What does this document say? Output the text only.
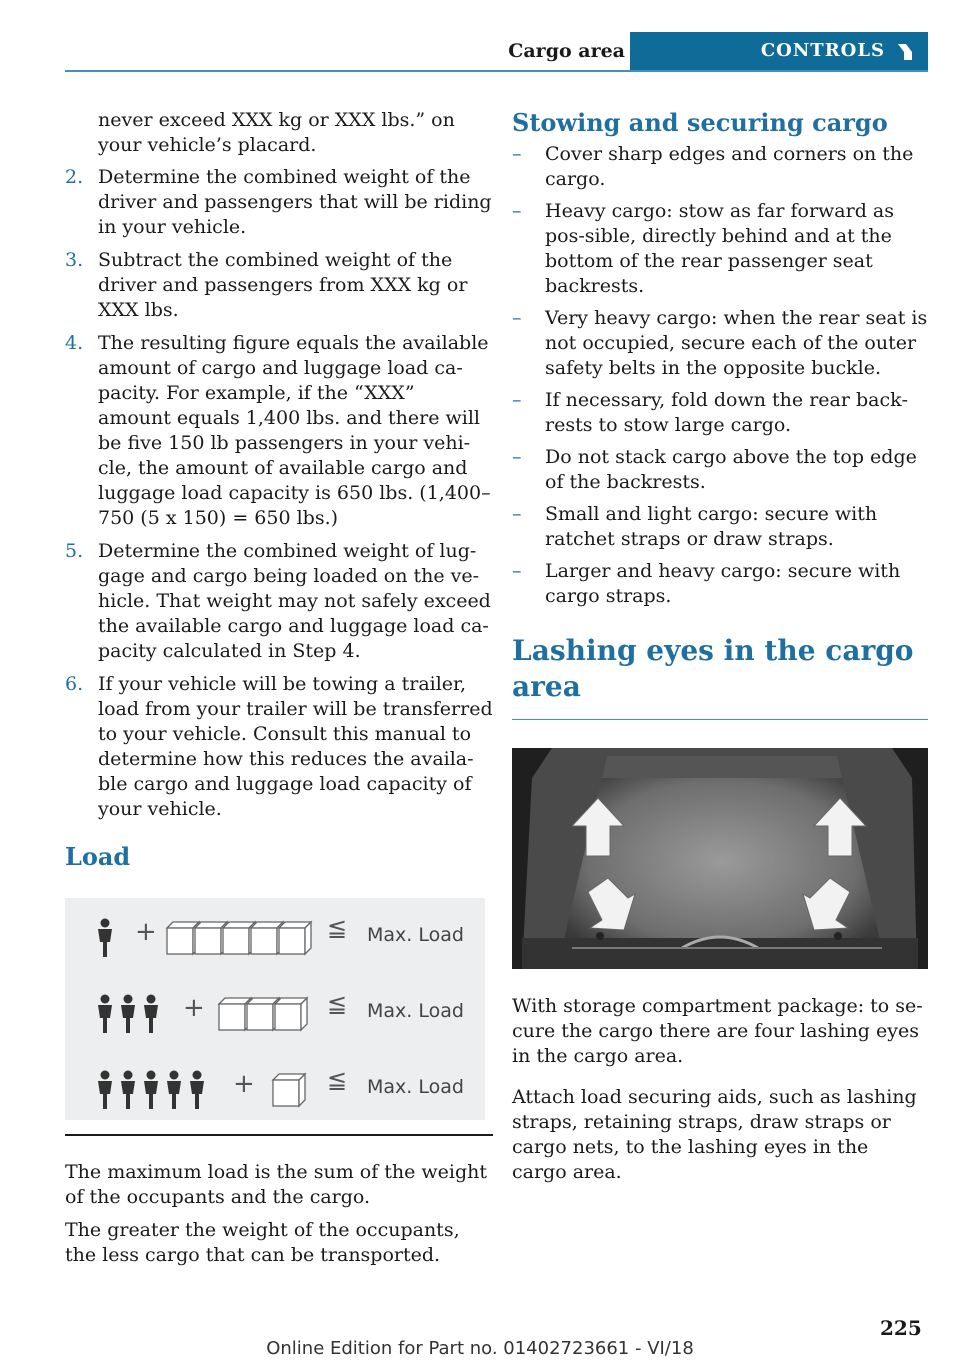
Cargo area	CONTROLS
never exceed XXX kg or XXX lbs.” on your vehicle’s placard.
2. Determine the combined weight of the driver and passengers that will be riding in your vehicle.
3. Subtract the combined weight of the driver and passengers from XXX kg or XXX lbs.
4. The resulting figure equals the available amount of cargo and luggage load ca‐pacity. For example, if the “XXX” amount equals 1,400 lbs. and there will be five 150 lb passengers in your vehi‐cle, the amount of available cargo and luggage load capacity is 650 lbs. (1,400– 750 (5 x 150) = 650 lbs.)
5. Determine the combined weight of lug‐gage and cargo being loaded on the ve‐hicle. That weight may not safely exceed the available cargo and luggage load ca‐pacity calculated in Step 4.
6. If your vehicle will be towing a trailer, load from your trailer will be transferred to your vehicle. Consult this manual to determine how this reduces the availa‐ble cargo and luggage load capacity of your vehicle.
Load
+	≦ Max. Load
+	≦ Max. Load
+	≦ Max. Load
The maximum load is the sum of the weight of the occupants and the cargo.
The greater the weight of the occupants, the less cargo that can be transported.
Stowing and securing cargo
–	Cover sharp edges and corners on the cargo.
–	Heavy cargo: stow as far forward as pos‐sible, directly behind and at the bottom of the rear passenger seat backrests.
–	Very heavy cargo: when the rear seat is not occupied, secure each of the outer safety belts in the opposite buckle.
–	If necessary, fold down the rear back‐rests to stow large cargo.
–	Do not stack cargo above the top edge of the backrests.
–	Small and light cargo: secure with ratchet straps or draw straps.
–	Larger and heavy cargo: secure with cargo straps.
Lashing eyes in the cargo area
With storage compartment package: to se‐cure the cargo there are four lashing eyes in the cargo area.
Attach load securing aids, such as lashing straps, retaining straps, draw straps or cargo nets, to the lashing eyes in the cargo area.
225
Online Edition for Part no. 01402723661 - VI/18
